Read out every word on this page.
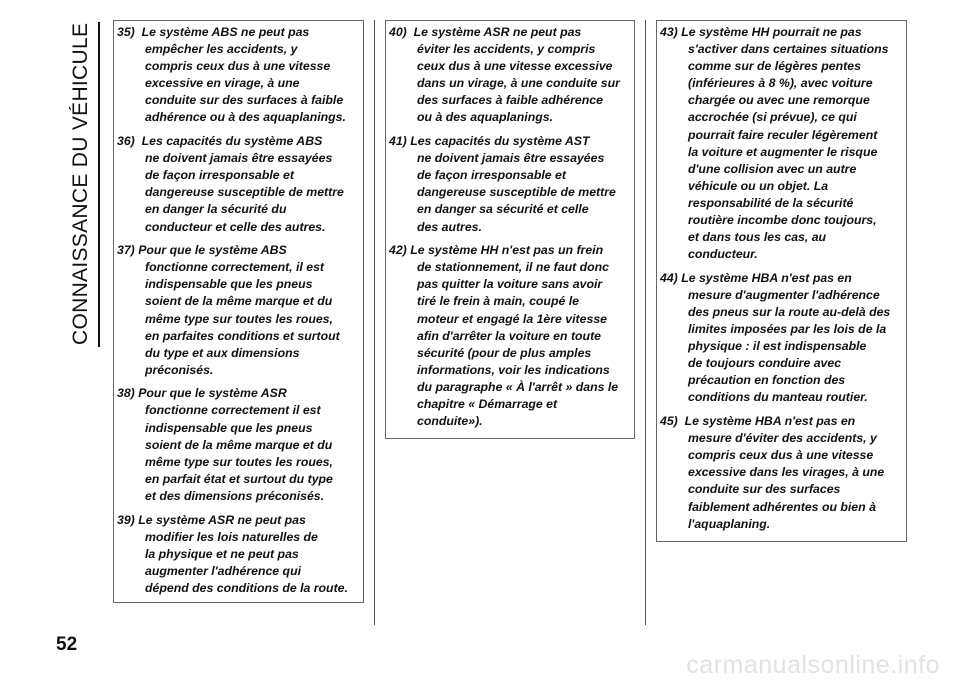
CONNAISSANCE DU VÉHICULE 35)  Le système ABS ne peut pas
empêcher les accidents, y
compris ceux dus à une vitesse
excessive en virage, à une
conduite sur des surfaces à faible
adhérence ou à des aquaplanings.
36)  Les capacités du système ABS
ne doivent jamais être essayées
de façon irresponsable et
dangereuse susceptible de mettre
en danger la sécurité du
conducteur et celle des autres.
37) Pour que le système ABS
fonctionne correctement, il est
indispensable que les pneus
soient de la même marque et du
même type sur toutes les roues,
en parfaites conditions et surtout
du type et aux dimensions
préconisés.
38) Pour que le système ASR
fonctionne correctement il est
indispensable que les pneus
soient de la même marque et du
même type sur toutes les roues,
en parfait état et surtout du type
et des dimensions préconisés.
39) Le système ASR ne peut pas
modifier les lois naturelles de
la physique et ne peut pas
augmenter l'adhérence qui
dépend des conditions de la route.
40)  Le système ASR ne peut pas
éviter les accidents, y compris
ceux dus à une vitesse excessive
dans un virage, à une conduite sur
des surfaces à faible adhérence
ou à des aquaplanings.
41) Les capacités du système AST
ne doivent jamais être essayées
de façon irresponsable et
dangereuse susceptible de mettre
en danger sa sécurité et celle
des autres.
42) Le système HH n'est pas un frein
de stationnement, il ne faut donc
pas quitter la voiture sans avoir
tiré le frein à main, coupé le
moteur et engagé la 1ère vitesse
afin d'arrêter la voiture en toute
sécurité (pour de plus amples
informations, voir les indications
du paragraphe « À l'arrêt » dans le
chapitre « Démarrage et
conduite»).
43) Le système HH pourrait ne pas
s'activer dans certaines situations
comme sur de légères pentes
(inférieures à 8 %), avec voiture
chargée ou avec une remorque
accrochée (si prévue), ce qui
pourrait faire reculer légèrement
la voiture et augmenter le risque
d'une collision avec un autre
véhicule ou un objet. La
responsabilité de la sécurité
routière incombe donc toujours,
et dans tous les cas, au
conducteur.
44) Le système HBA n'est pas en
mesure d'augmenter l'adhérence
des pneus sur la route au-delà des
limites imposées par les lois de la
physique : il est indispensable
de toujours conduire avec
précaution en fonction des
conditions du manteau routier.
45)  Le système HBA n'est pas en
mesure d'éviter des accidents, y
compris ceux dus à une vitesse
excessive dans les virages, à une
conduite sur des surfaces
faiblement adhérentes ou bien à
l'aquaplaning.
52
carmanualsonline.info
